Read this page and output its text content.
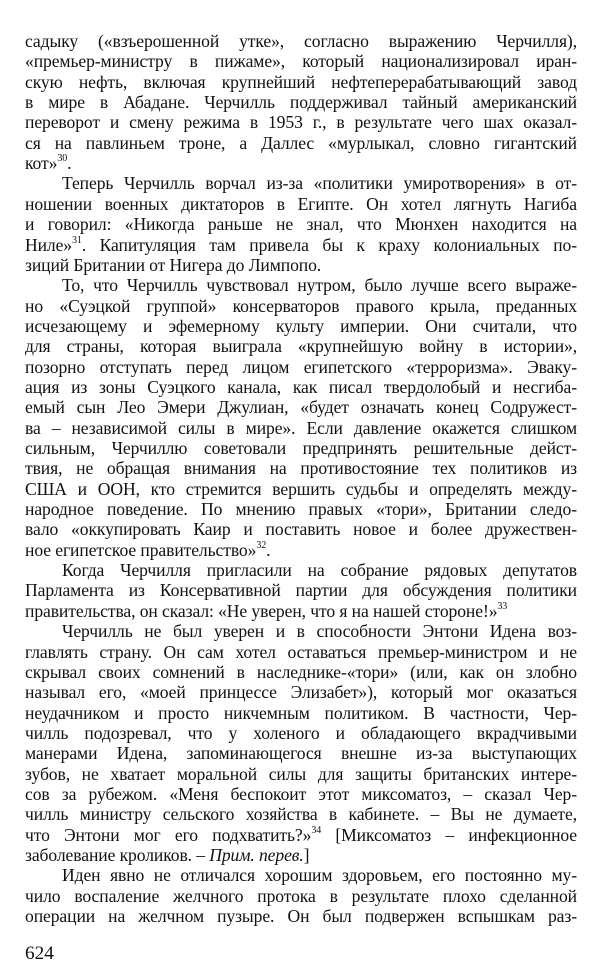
624
садыку («взъерошенной утке», согласно выражению Черчилля),
«премьер-министру в пижаме», который национализировал иран-
скую нефть, включая крупнейший нефтеперерабатывающий завод
в мире в Абадане. Черчилль поддерживал тайный американский
переворот и смену режима в 1953 г., в результате чего шах оказал-
ся на павлиньем троне, а Даллес «мурлыкал, словно гигантский
кот»$^{30}$.
Теперь Черчилль ворчал из-за «политики умиротворения» в от-
ношении военных диктаторов в Египте. Он хотел лягнуть Нагиба
и говорил: «Никогда раньше не знал, что Мюнхен находится на
Ниле»$^{31}$. Капитуляция там привела бы к краху колониальных по-
зиций Британии от Нигера до Лимпопо.
То, что Черчилль чувствовал нутром, было лучше всего выраже-
но «Суэцкой группой» консерваторов правого крыла, преданных
исчезающему и эфемерному культу империи. Они считали, что
для страны, которая выиграла «крупнейшую войну в истории»,
позорно отступать перед лицом египетского «терроризма». Эваку-
ация из зоны Суэцкого канала, как писал твердолобый и несгиба-
емый сын Лео Эмери Джулиан, «будет означать конец Содружест-
ва – независимой силы в мире». Если давление окажется слишком
сильным, Черчиллю советовали предпринять решительные дейст-
твия, не обращая внимания на противостояние тех политиков из
США и ООН, кто стремится вершить судьбы и определять между-
народное поведение. По мнению правых «тори», Британии следо-
вало «оккупировать Каир и поставить новое и более дружествен-
ное египетское правительство»$^{32}$.
Когда Черчилля пригласили на собрание рядовых депутатов
Парламента из Консервативной партии для обсуждения политики
правительства, он сказал: «Не уверен, что я на нашей стороне!»$^{33}$
Черчилль не был уверен и в способности Энтони Идена воз-
главлять страну. Он сам хотел оставаться премьер-министром и не
скрывал своих сомнений в наследнике-«тори» (или, как он злобно
называл его, «моей принцессе Элизабет»), который мог оказаться
неудачником и просто никчемным политиком. В частности, Чер-
чилль подозревал, что у холеного и обладающего вкрадчивыми
манерами Идена, запоминающегося внешне из-за выступающих
зубов, не хватает моральной силы для защиты британских интере-
сов за рубежом. «Меня беспокоит этот миксоматоз, – сказал Чер-
чилль министру сельского хозяйства в кабинете. – Вы не думаете,
что Энтони мог его подхватить?»$^{34}$ [Миксоматоз – инфекционное
заболевание кроликов. – Прим. перев.]
Иден явно не отличался хорошим здоровьем, его постоянно му-
чило воспаление желчного протока в результате плохо сделанной
операции на желчном пузыре. Он был подвержен вспышкам раз-
